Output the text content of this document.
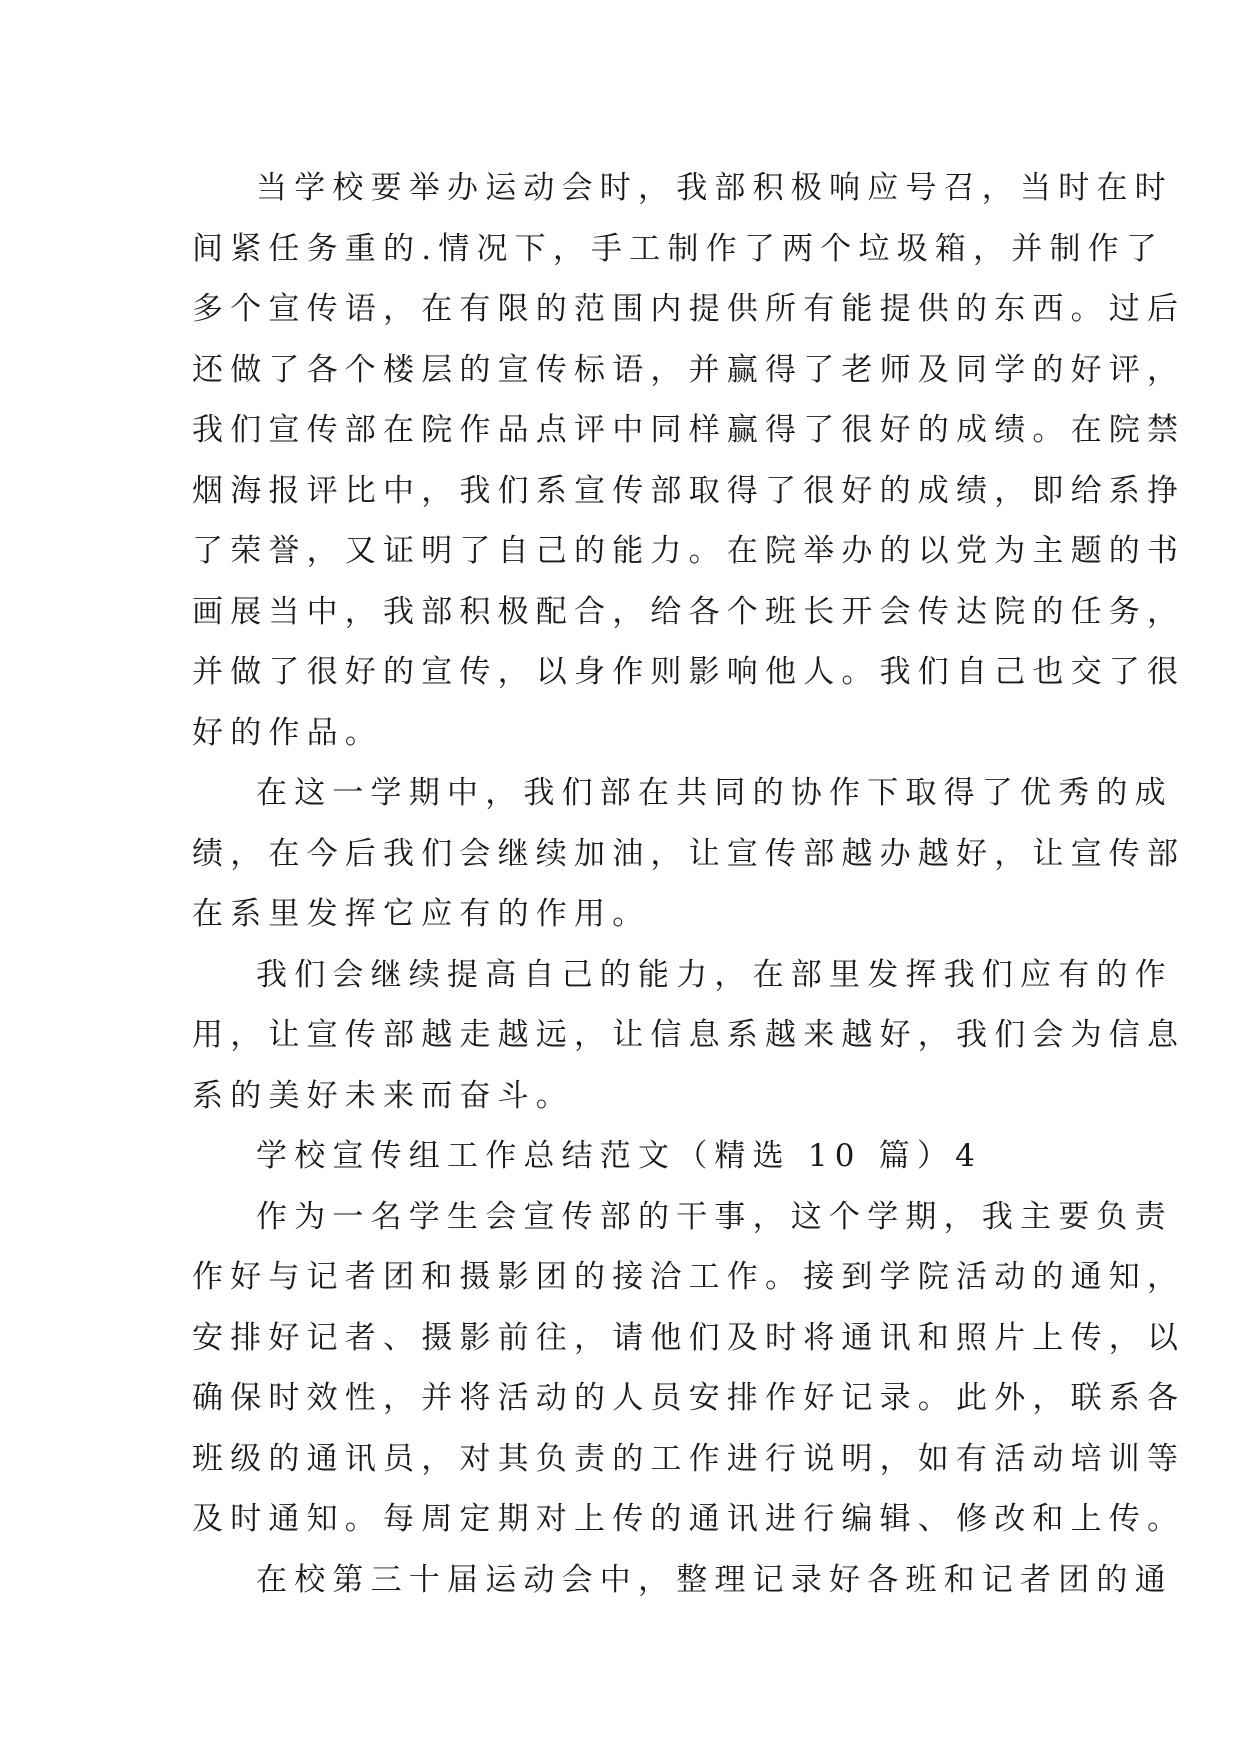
当学校要举办运动会时，我部积极响应号召，当时在时
间紧任务重的.情况下，手工制作了两个垃圾箱，并制作了
多个宣传语，在有限的范围内提供所有能提供的东西。过后
还做了各个楼层的宣传标语，并赢得了老师及同学的好评，
我们宣传部在院作品点评中同样赢得了很好的成绩。在院禁
烟海报评比中，我们系宣传部取得了很好的成绩，即给系挣
了荣誉，又证明了自己的能力。在院举办的以党为主题的书
画展当中，我部积极配合，给各个班长开会传达院的任务，
并做了很好的宣传，以身作则影响他人。我们自己也交了很
好的作品。
在这一学期中，我们部在共同的协作下取得了优秀的成
绩，在今后我们会继续加油，让宣传部越办越好，让宣传部
在系里发挥它应有的作用。
我们会继续提高自己的能力，在部里发挥我们应有的作
用，让宣传部越走越远，让信息系越来越好，我们会为信息
系的美好未来而奋斗。
学校宣传组工作总结范文（精选 10 篇）4
作为一名学生会宣传部的干事，这个学期，我主要负责
作好与记者团和摄影团的接洽工作。接到学院活动的通知，
安排好记者、摄影前往，请他们及时将通讯和照片上传，以
确保时效性，并将活动的人员安排作好记录。此外，联系各
班级的通讯员，对其负责的工作进行说明，如有活动培训等
及时通知。每周定期对上传的通讯进行编辑、修改和上传。
在校第三十届运动会中，整理记录好各班和记者团的通
